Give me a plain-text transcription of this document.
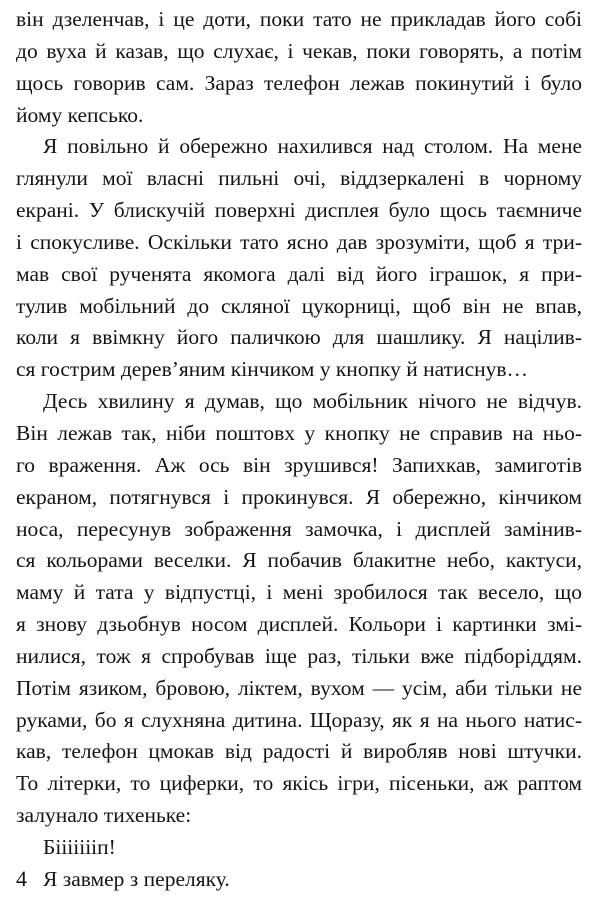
він дзеленчав, і це доти, поки тато не прикладав його собі
до вуха й казав, що слухає, і чекав, поки говорять, а потім
щось говорив сам. Зараз телефон лежав покинутий і було
йому кепсько.
Я повільно й обережно нахилився над столом. На мене
глянули мої власні пильні очі, віддзеркалені в чорному
екрані. У блискучій поверхні дисплея було щось таємниче
і спокусливе. Оскільки тато ясно дав зрозуміти, щоб я три-
мав свої рученята якомога далі від його іграшок, я при-
тулив мобільний до скляної цукорниці, щоб він не впав,
коли я ввімкну його паличкою для шашлику. Я націлив-
ся гострим дерев’яним кінчиком у кнопку й натиснув…
Десь хвилину я думав, що мобільник нічого не відчув.
Він лежав так, ніби поштовх у кнопку не справив на ньо-
го враження. Аж ось він зрушився! Запихкав, замиготів
екраном, потягнувся і прокинувся. Я обережно, кінчиком
носа, пересунув зображення замочка, і дисплей замінив-
ся кольорами веселки. Я побачив блакитне небо, кактуси,
маму й тата у відпустці, і мені зробилося так весело, що
я знову дзьобнув носом дисплей. Кольори і картинки змі-
нилися, тож я спробував іще раз, тільки вже підборіддям.
Потім язиком, бровою, ліктем, вухом — усім, аби тільки не
руками, бо я слухняна дитина. Щоразу, як я на нього натис-
кав, телефон цмокав від радості й виробляв нові штучки.
То літерки, то циферки, то якісь ігри, пісеньки, аж раптом
залунало тихеньке:
Біііііііп!
Я завмер з переляку.
4
